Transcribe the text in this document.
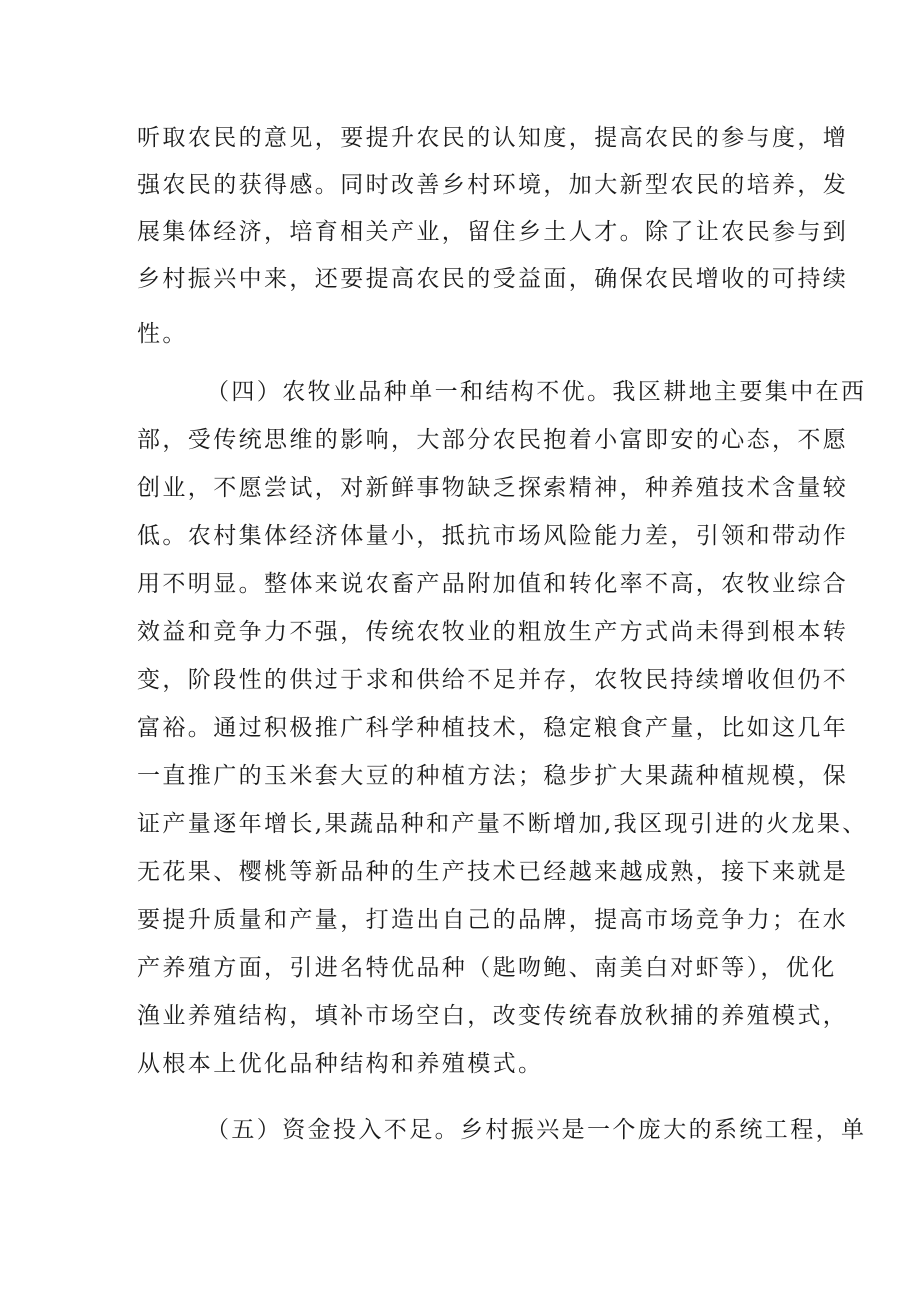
听取农民的意见，要提升农民的认知度，提高农民的参与度，增
强农民的获得感。同时改善乡村环境，加大新型农民的培养，发
展集体经济，培育相关产业，留住乡土人才。除了让农民参与到
乡村振兴中来，还要提高农民的受益面，确保农民增收的可持续
性。
（四）农牧业品种单一和结构不优。我区耕地主要集中在西
部，受传统思维的影响，大部分农民抱着小富即安的心态，不愿
创业，不愿尝试，对新鲜事物缺乏探索精神，种养殖技术含量较
低。农村集体经济体量小，抵抗市场风险能力差，引领和带动作
用不明显。整体来说农畜产品附加值和转化率不高，农牧业综合
效益和竞争力不强，传统农牧业的粗放生产方式尚未得到根本转
变，阶段性的供过于求和供给不足并存，农牧民持续增收但仍不
富裕。通过积极推广科学种植技术，稳定粮食产量，比如这几年
一直推广的玉米套大豆的种植方法；稳步扩大果蔬种植规模，保
证产量逐年增长,果蔬品种和产量不断增加,我区现引进的火龙果、
无花果、樱桃等新品种的生产技术已经越来越成熟，接下来就是
要提升质量和产量，打造出自己的品牌，提高市场竞争力；在水
产养殖方面，引进名特优品种（匙吻鲍、南美白对虾等），优化
渔业养殖结构，填补市场空白，改变传统春放秋捕的养殖模式，
从根本上优化品种结构和养殖模式。
（五）资金投入不足。乡村振兴是一个庞大的系统工程，单
